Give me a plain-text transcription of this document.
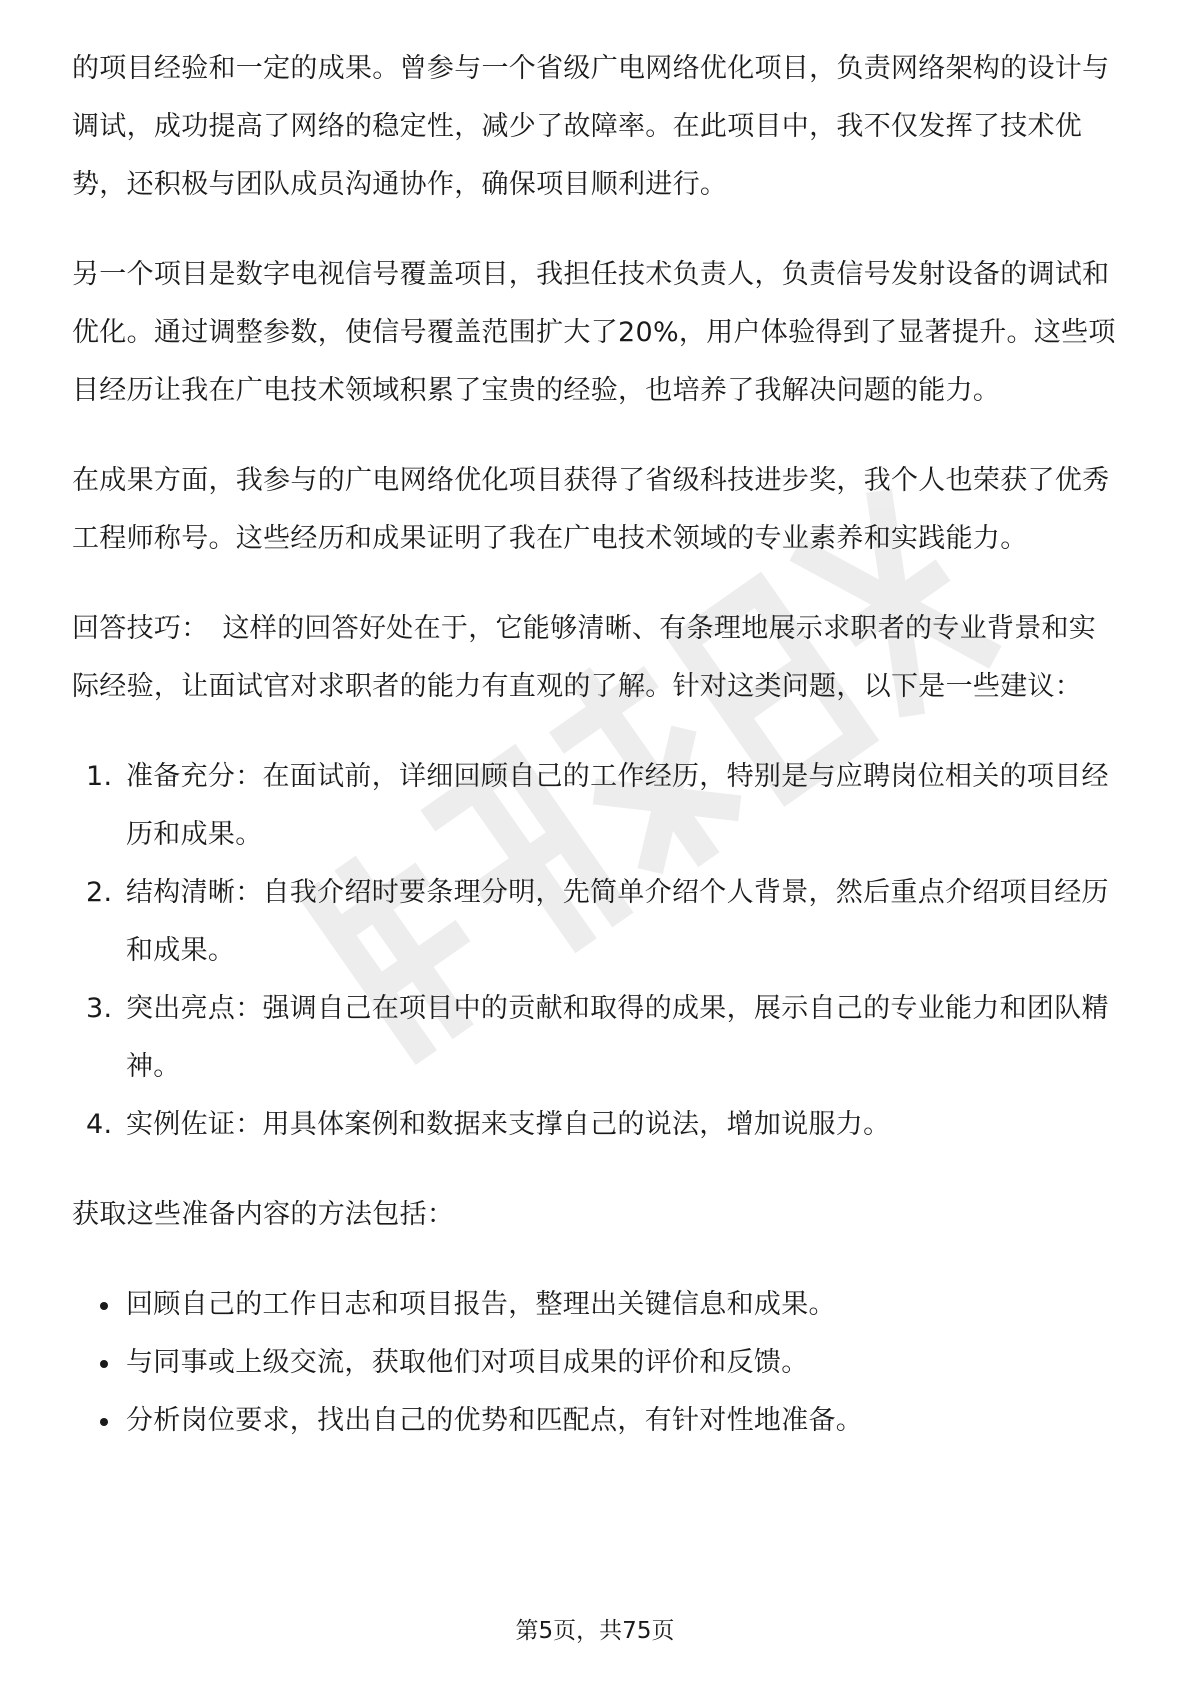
的项目经验和一定的成果。曾参与一个省级广电网络优化项目，负责网络架构的设计与调试，成功提高了网络的稳定性，减少了故障率。在此项目中，我不仅发挥了技术优势，还积极与团队成员沟通协作，确保项目顺利进行。

另一个项目是数字电视信号覆盖项目，我担任技术负责人，负责信号发射设备的调试和优化。通过调整参数，使信号覆盖范围扩大了20%，用户体验得到了显著提升。这些项目经历让我在广电技术领域积累了宝贵的经验，也培养了我解决问题的能力。

在成果方面，我参与的广电网络优化项目获得了省级科技进步奖，我个人也荣获了优秀工程师称号。这些经历和成果证明了我在广电技术领域的专业素养和实践能力。

回答技巧： 这样的回答好处在于，它能够清晰、有条理地展示求职者的专业背景和实际经验，让面试官对求职者的能力有直观的了解。针对这类问题，以下是一些建议：

1. 准备充分：在面试前，详细回顾自己的工作经历，特别是与应聘岗位相关的项目经历和成果。
2. 结构清晰：自我介绍时要条理分明，先简单介绍个人背景，然后重点介绍项目经历和成果。
3. 突出亮点：强调自己在项目中的贡献和取得的成果，展示自己的专业能力和团队精神。
4. 实例佐证：用具体案例和数据来支撑自己的说法，增加说服力。

获取这些准备内容的方法包括：

回顾自己的工作日志和项目报告，整理出关键信息和成果。
与同事或上级交流，获取他们对项目成果的评价和反馈。
分析岗位要求，找出自己的优势和匹配点，有针对性地准备。
第5页，共75页
